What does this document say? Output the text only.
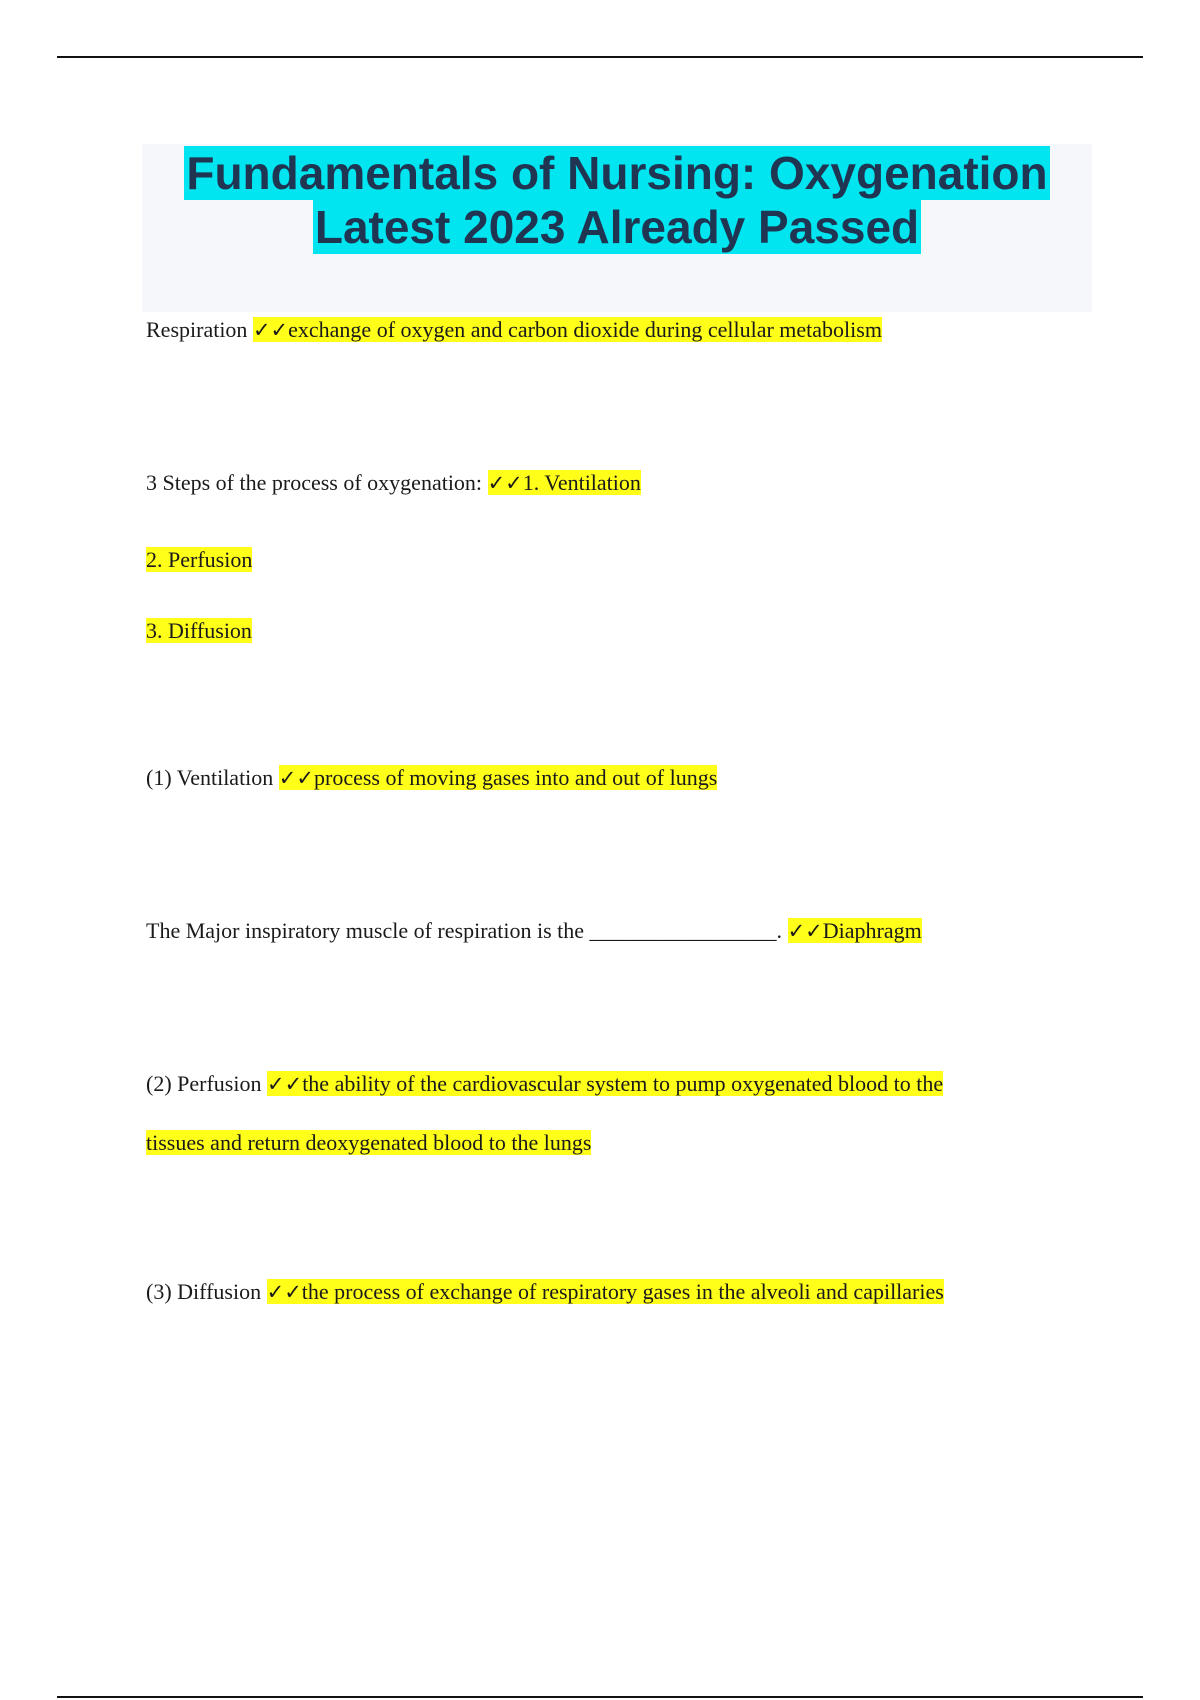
Fundamentals of Nursing: Oxygenation
Latest 2023 Already Passed
Respiration ✓✓exchange of oxygen and carbon dioxide during cellular metabolism
3 Steps of the process of oxygenation: ✓✓1. Ventilation
2. Perfusion
3. Diffusion
(1) Ventilation ✓✓process of moving gases into and out of lungs
The Major inspiratory muscle of respiration is the _________________. ✓✓Diaphragm
(2) Perfusion ✓✓the ability of the cardiovascular system to pump oxygenated blood to the
tissues and return deoxygenated blood to the lungs
(3) Diffusion ✓✓the process of exchange of respiratory gases in the alveoli and capillaries
